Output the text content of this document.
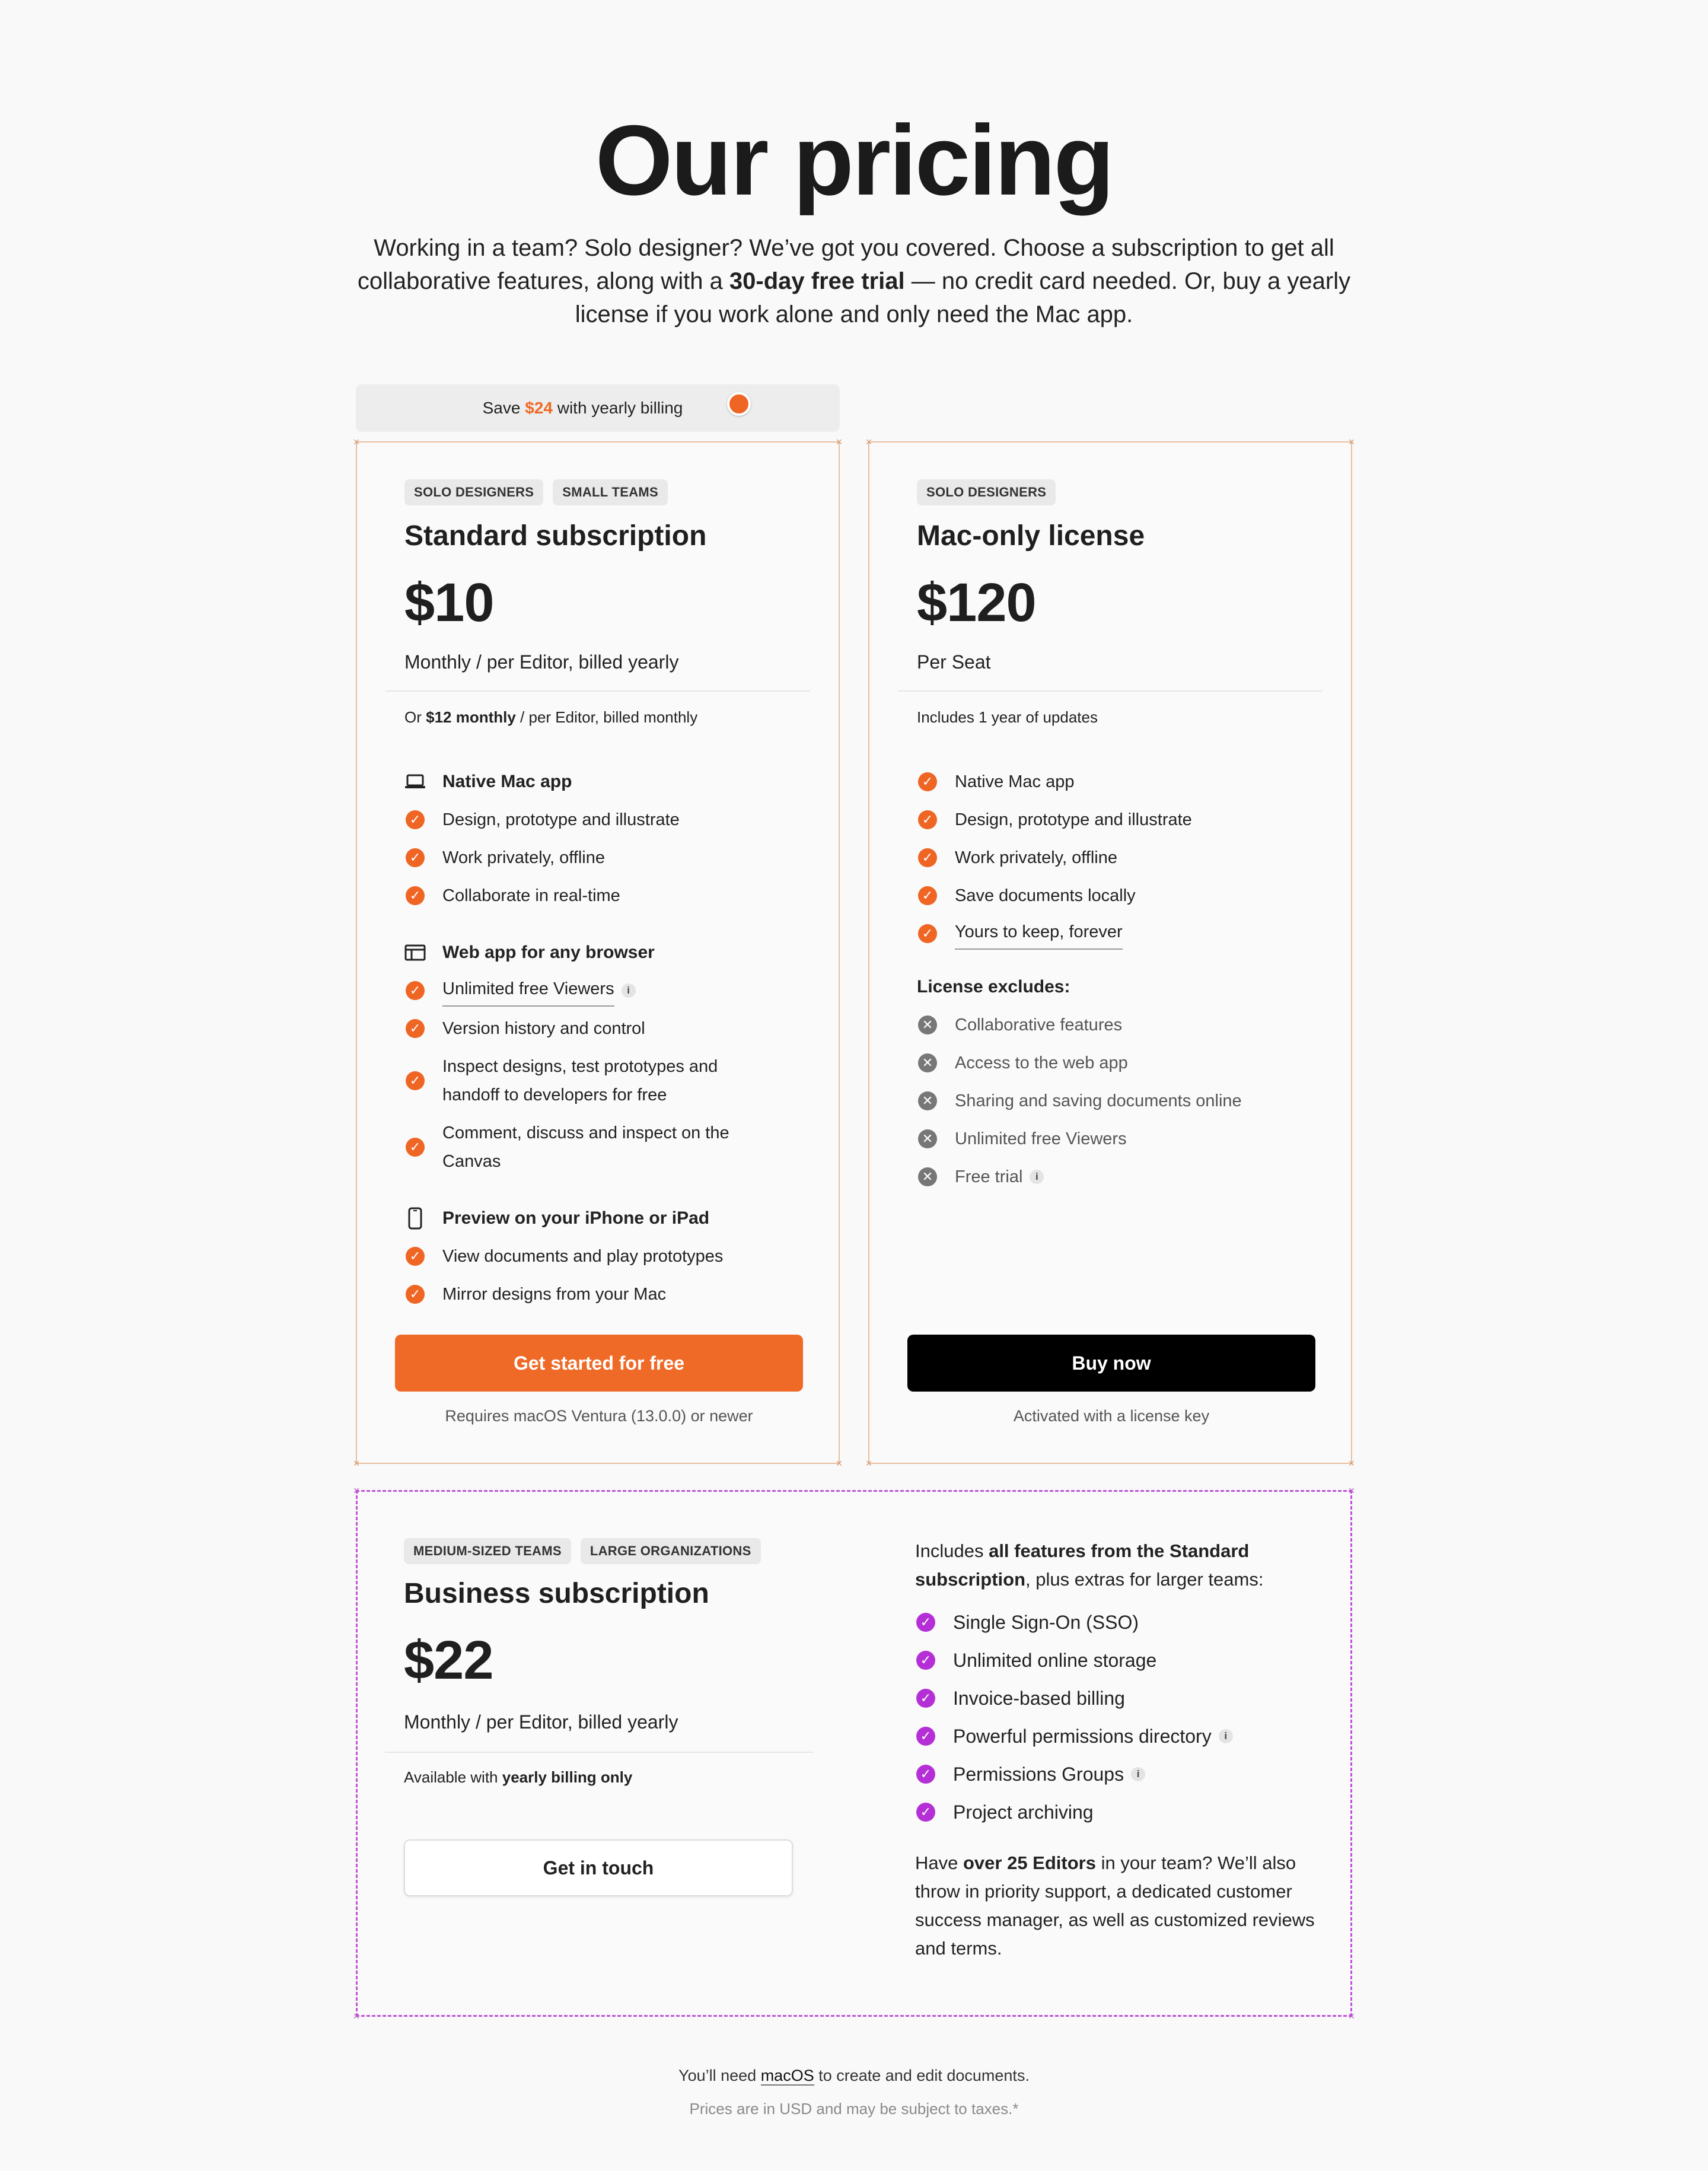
Our pricing
Working in a team? Solo designer? We’ve got you covered. Choose a subscription to get all collaborative features, along with a 30-day free trial — no credit card needed. Or, buy a yearly license if you work alone and only need the Mac app.
Save $24 with yearly billing
×	×
×	×
SOLO DESIGNERS	SMALL TEAMS
Standard subscription
$10
Monthly / per Editor, billed yearly
Or $12 monthly / per Editor, billed monthly
Native Mac app
✓ Design, prototype and illustrate
✓ Work privately, offline
✓ Collaborate in real-time
Web app for any browser
✓ Unlimited free Viewers	i
✓ Version history and control
✓
Inspect designs, test prototypes and handoff to developers for free
✓
Comment, discuss and inspect on the Canvas
Preview on your iPhone or iPad
✓ View documents and play prototypes
✓ Mirror designs from your Mac
Get started for free
Requires macOS Ventura (13.0.0) or newer
×	×
×	×
SOLO DESIGNERS
Mac-only license
$120
Per Seat
Includes 1 year of updates
✓ Native Mac app
✓ Design, prototype and illustrate
✓ Work privately, offline
✓ Save documents locally
✓ Yours to keep, forever
License excludes:
✕ Collaborative features
✕ Access to the web app
✕ Sharing and saving documents online
✕ Unlimited free Viewers
✕ Free trial	i
Buy now
Activated with a license key
×	×
×	×
MEDIUM-SIZED TEAMS	LARGE ORGANIZATIONS
Business subscription
$22
Monthly / per Editor, billed yearly
Available with yearly billing only
Get in touch
Includes all features from the Standard subscription, plus extras for larger teams:
✓ Single Sign-On (SSO)
✓ Unlimited online storage
✓ Invoice-based billing
✓ Powerful permissions directory	i
✓ Permissions Groups	i
✓ Project archiving
Have over 25 Editors in your team? We’ll also throw in priority support, a dedicated customer success manager, as well as customized reviews and terms.
You’ll need macOS to create and edit documents.
Prices are in USD and may be subject to taxes.*
